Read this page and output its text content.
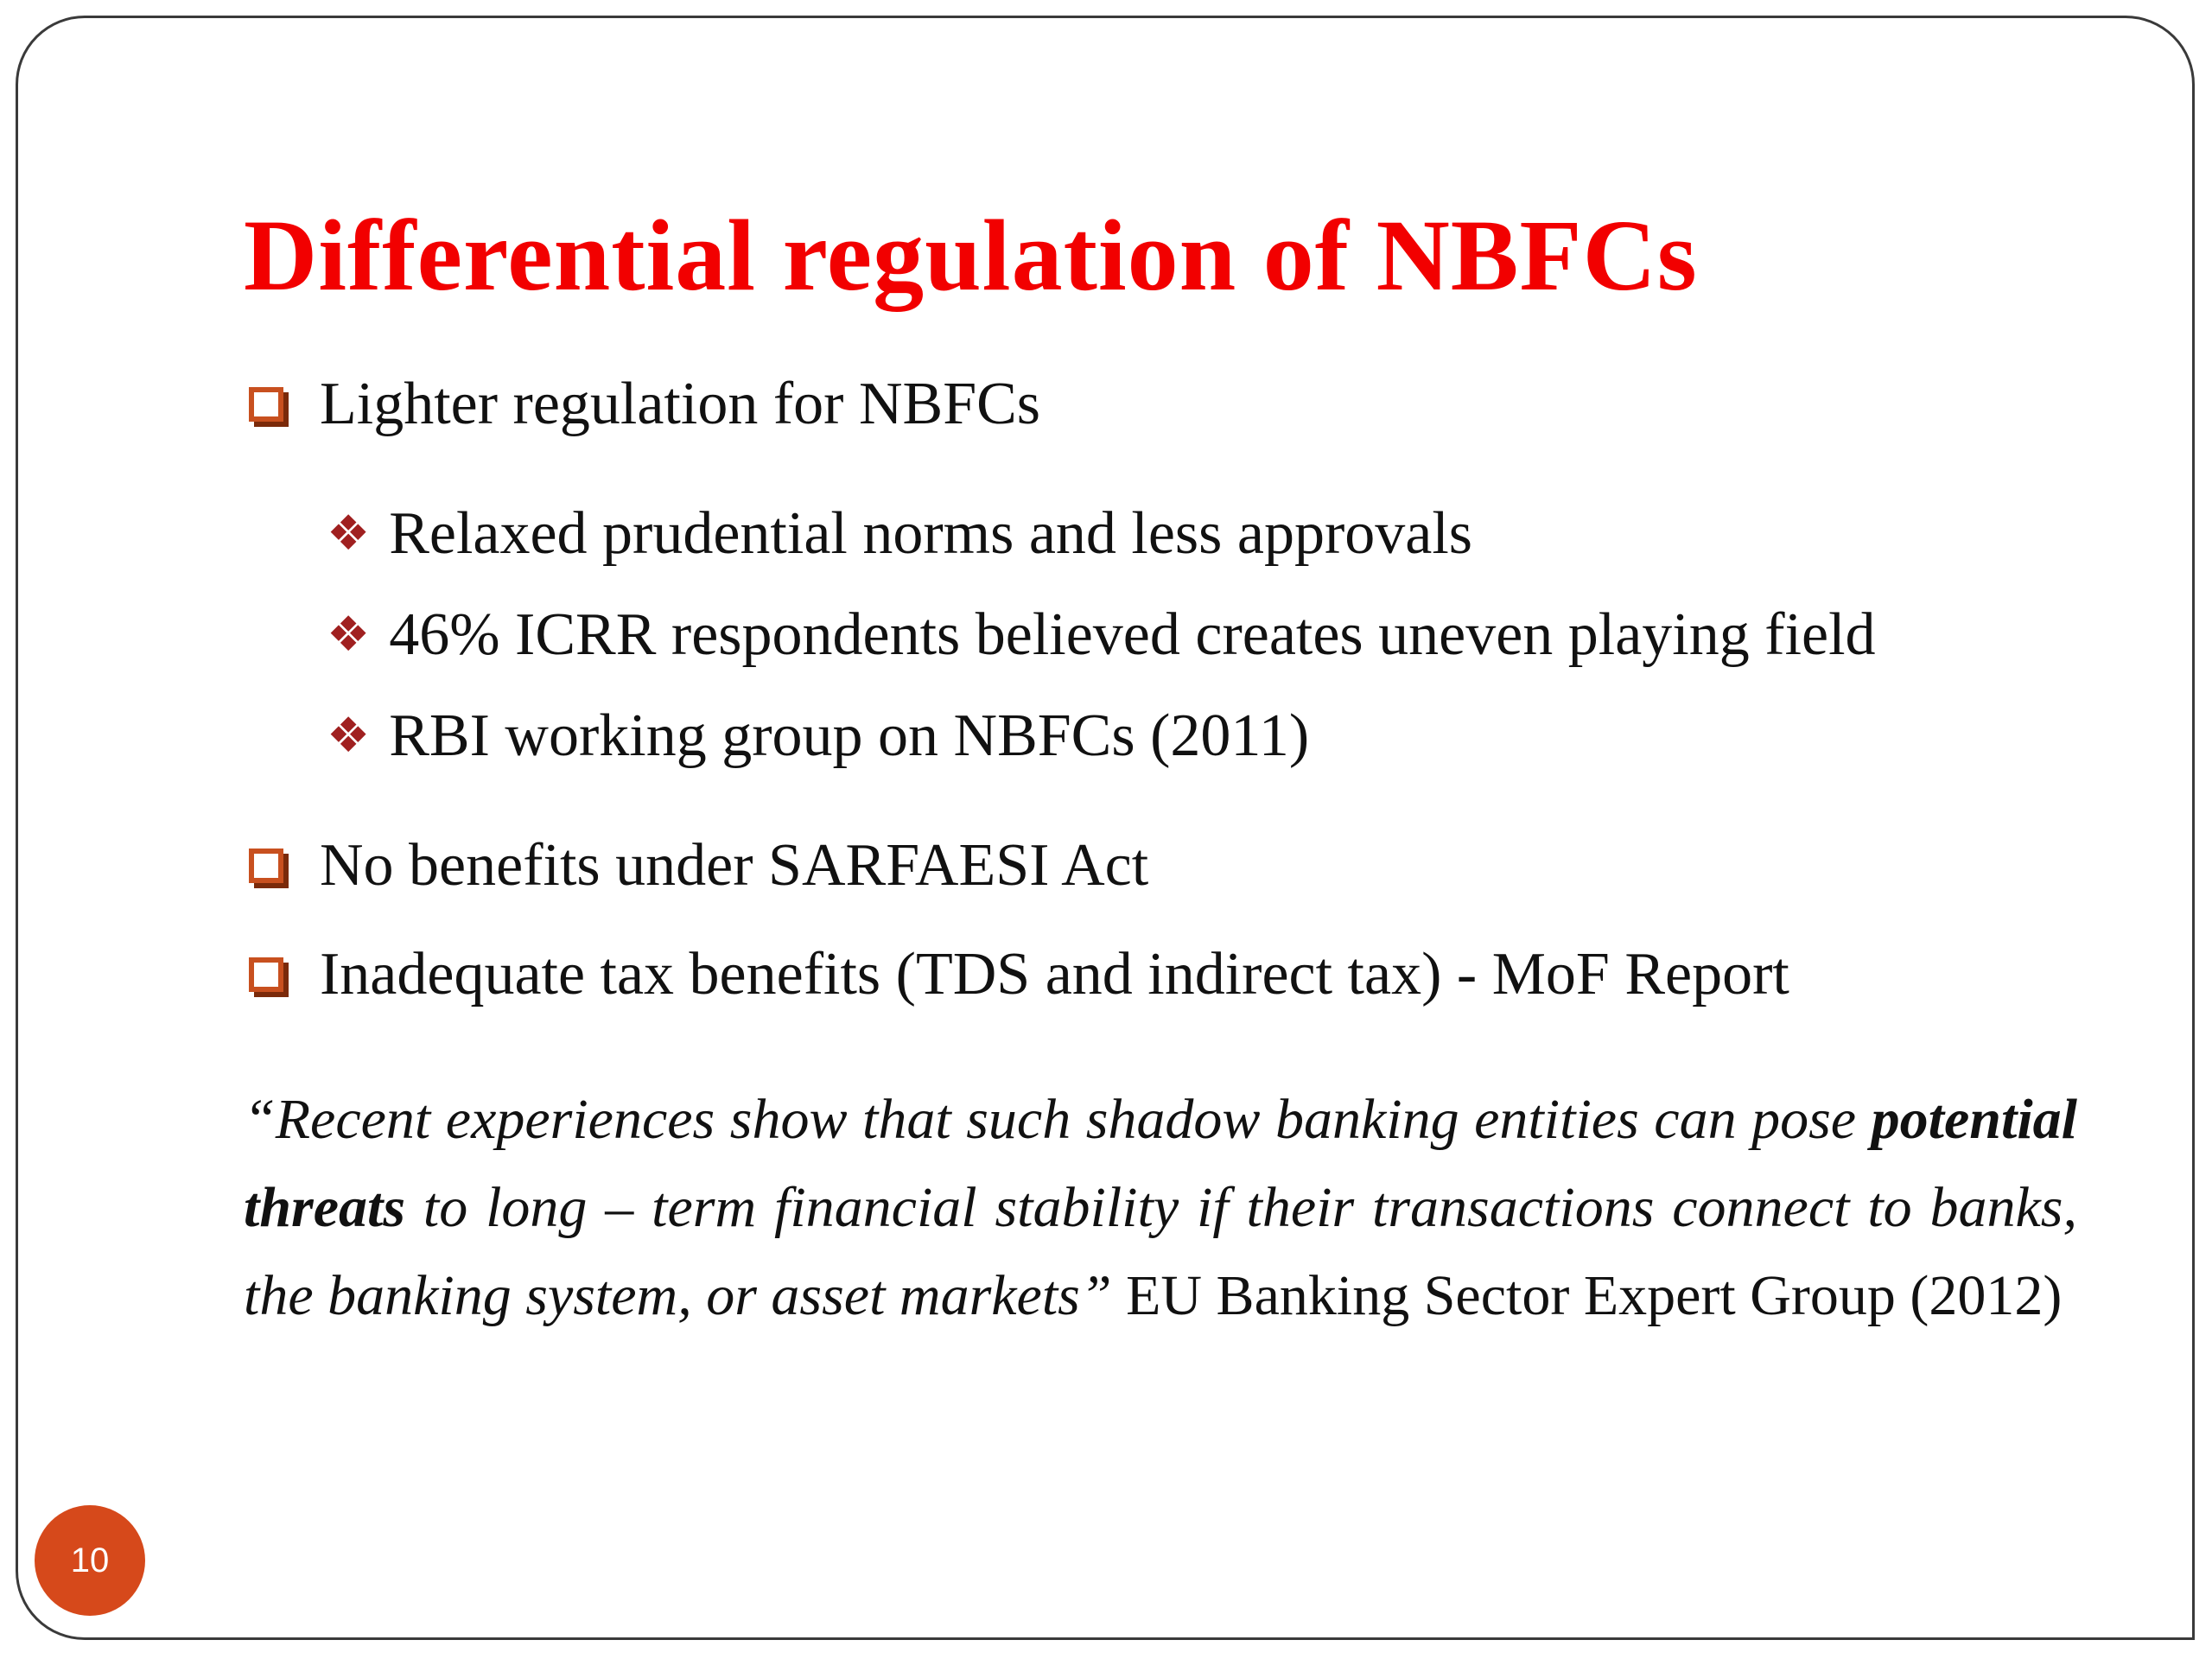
Differential regulation of NBFCs
Lighter regulation for NBFCs
❖ Relaxed prudential norms and less approvals
❖ 46% ICRR respondents believed creates uneven playing field
❖ RBI working group on NBFCs (2011)
No benefits under SARFAESI Act
Inadequate tax benefits (TDS and indirect tax) - MoF Report

“Recent experiences show that such shadow banking entities can pose potential threats to long – term financial stability if their transactions connect to banks, the banking system, or asset markets” EU Banking Sector Expert Group (2012)

10
